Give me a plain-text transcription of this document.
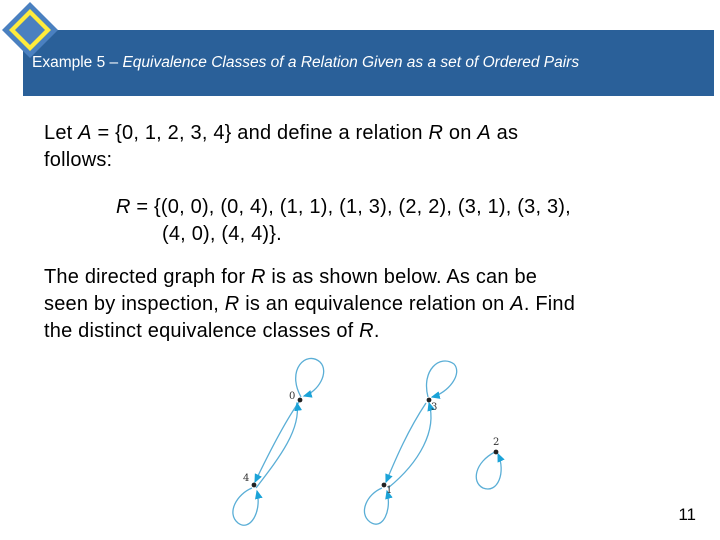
Example 5 – Equivalence Classes of a Relation Given as a set of Ordered Pairs
Let A = {0, 1, 2, 3, 4} and define a relation R on A as
follows:
R = {(0, 0), (0, 4), (1, 1), (1, 3), (2, 2), (3, 1), (3, 3),
(4, 0), (4, 4)}.
The directed graph for R is as shown below. As can be
seen by inspection, R is an equivalence relation on A. Find
the distinct equivalence classes of R.
0
4
3
1
2
11
